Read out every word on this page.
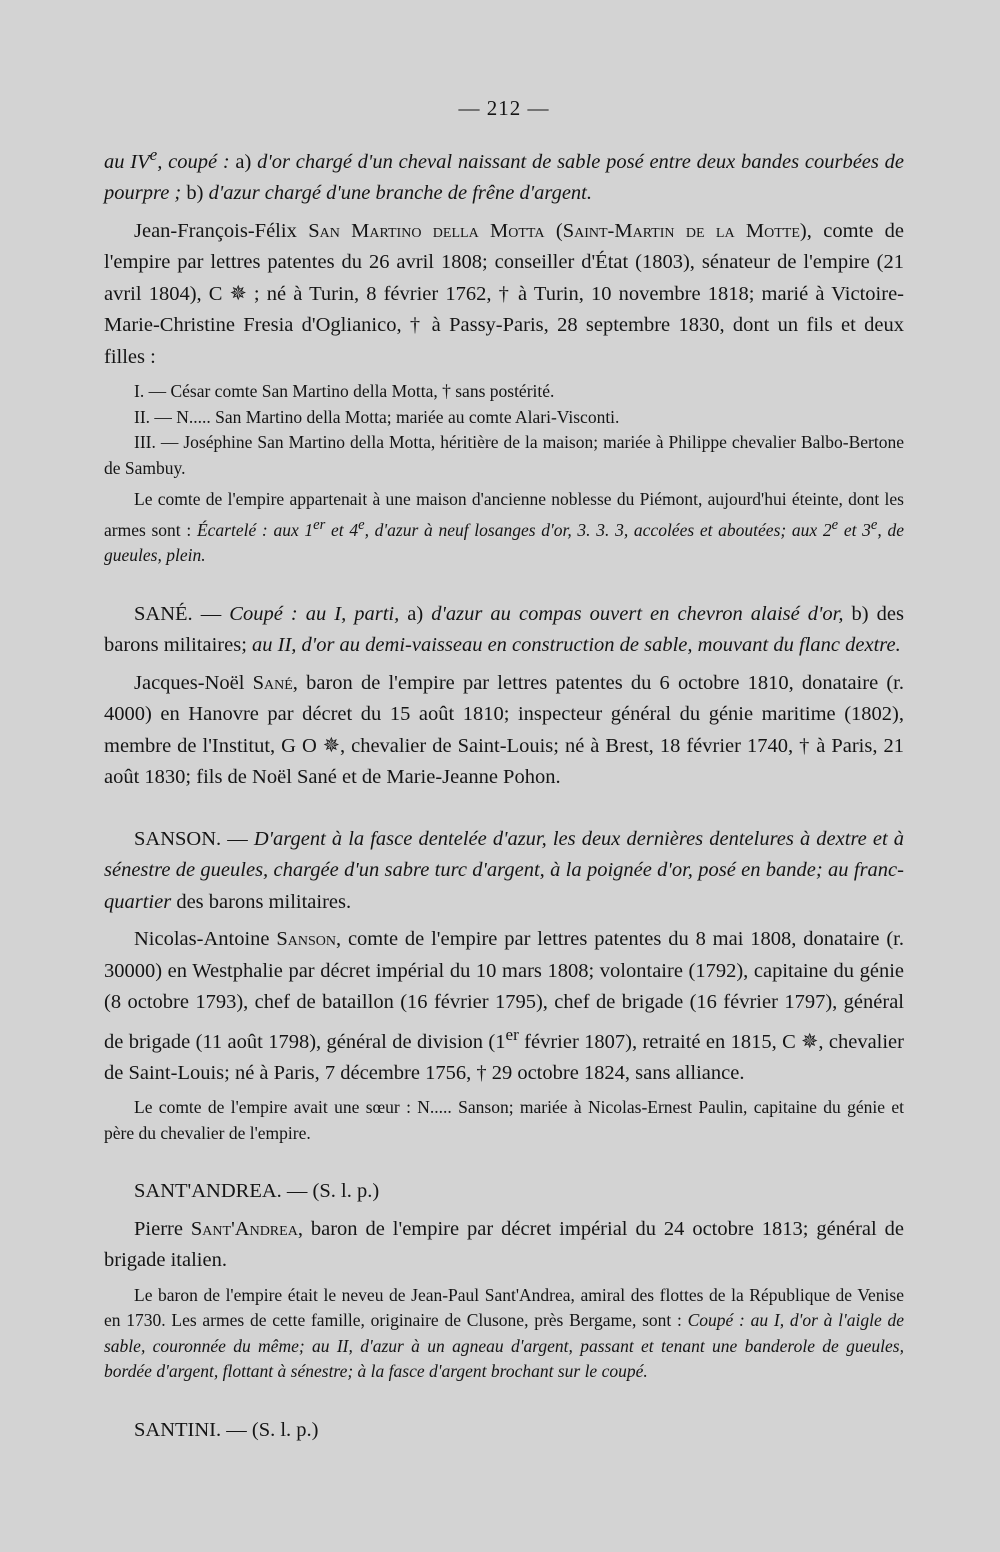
— 212 —

au IVe, coupé : a) d'or chargé d'un cheval naissant de sable posé entre deux bandes courbées de pourpre ; b) d'azur chargé d'une branche de frêne d'argent.

Jean-François-Félix San Martino della Motta (Saint-Martin de la Motte), comte de l'empire par lettres patentes du 26 avril 1808; conseiller d'État (1803), sénateur de l'empire (21 avril 1804), C ✵ ; né à Turin, 8 février 1762, † à Turin, 10 novembre 1818; marié à Victoire-Marie-Christine Fresia d'Oglianico, † à Passy-Paris, 28 septembre 1830, dont un fils et deux filles :

I. — César comte San Martino della Motta, † sans postérité.

II. — N..... San Martino della Motta; mariée au comte Alari-Visconti.

III. — Joséphine San Martino della Motta, héritière de la maison; mariée à Philippe chevalier Balbo-Bertone de Sambuy.

Le comte de l'empire appartenait à une maison d'ancienne noblesse du Piémont, aujourd'hui éteinte, dont les armes sont : Écartelé : aux 1er et 4e, d'azur à neuf losanges d'or, 3. 3. 3, accolées et aboutées; aux 2e et 3e, de gueules, plein.

SANÉ. — Coupé : au I, parti, a) d'azur au compas ouvert en chevron alaisé d'or, b) des barons militaires; au II, d'or au demi-vaisseau en construction de sable, mouvant du flanc dextre.

Jacques-Noël Sané, baron de l'empire par lettres patentes du 6 octobre 1810, donataire (r. 4000) en Hanovre par décret du 15 août 1810; inspecteur général du génie maritime (1802), membre de l'Institut, G O ✵, chevalier de Saint-Louis; né à Brest, 18 février 1740, † à Paris, 21 août 1830; fils de Noël Sané et de Marie-Jeanne Pohon.

SANSON. — D'argent à la fasce dentelée d'azur, les deux dernières dentelures à dextre et à sénestre de gueules, chargée d'un sabre turc d'argent, à la poignée d'or, posé en bande; au franc-quartier des barons militaires.

Nicolas-Antoine Sanson, comte de l'empire par lettres patentes du 8 mai 1808, donataire (r. 30000) en Westphalie par décret impérial du 10 mars 1808; volontaire (1792), capitaine du génie (8 octobre 1793), chef de bataillon (16 février 1795), chef de brigade (16 février 1797), général de brigade (11 août 1798), général de division (1er février 1807), retraité en 1815, C ✵, chevalier de Saint-Louis; né à Paris, 7 décembre 1756, † 29 octobre 1824, sans alliance.

Le comte de l'empire avait une sœur : N..... Sanson; mariée à Nicolas-Ernest Paulin, capitaine du génie et père du chevalier de l'empire.

SANT'ANDREA. — (S. l. p.)

Pierre Sant'Andrea, baron de l'empire par décret impérial du 24 octobre 1813; général de brigade italien.

Le baron de l'empire était le neveu de Jean-Paul Sant'Andrea, amiral des flottes de la République de Venise en 1730. Les armes de cette famille, originaire de Clusone, près Bergame, sont : Coupé : au I, d'or à l'aigle de sable, couronnée du même; au II, d'azur à un agneau d'argent, passant et tenant une banderole de gueules, bordée d'argent, flottant à sénestre; à la fasce d'argent brochant sur le coupé.

SANTINI. — (S. l. p.)
